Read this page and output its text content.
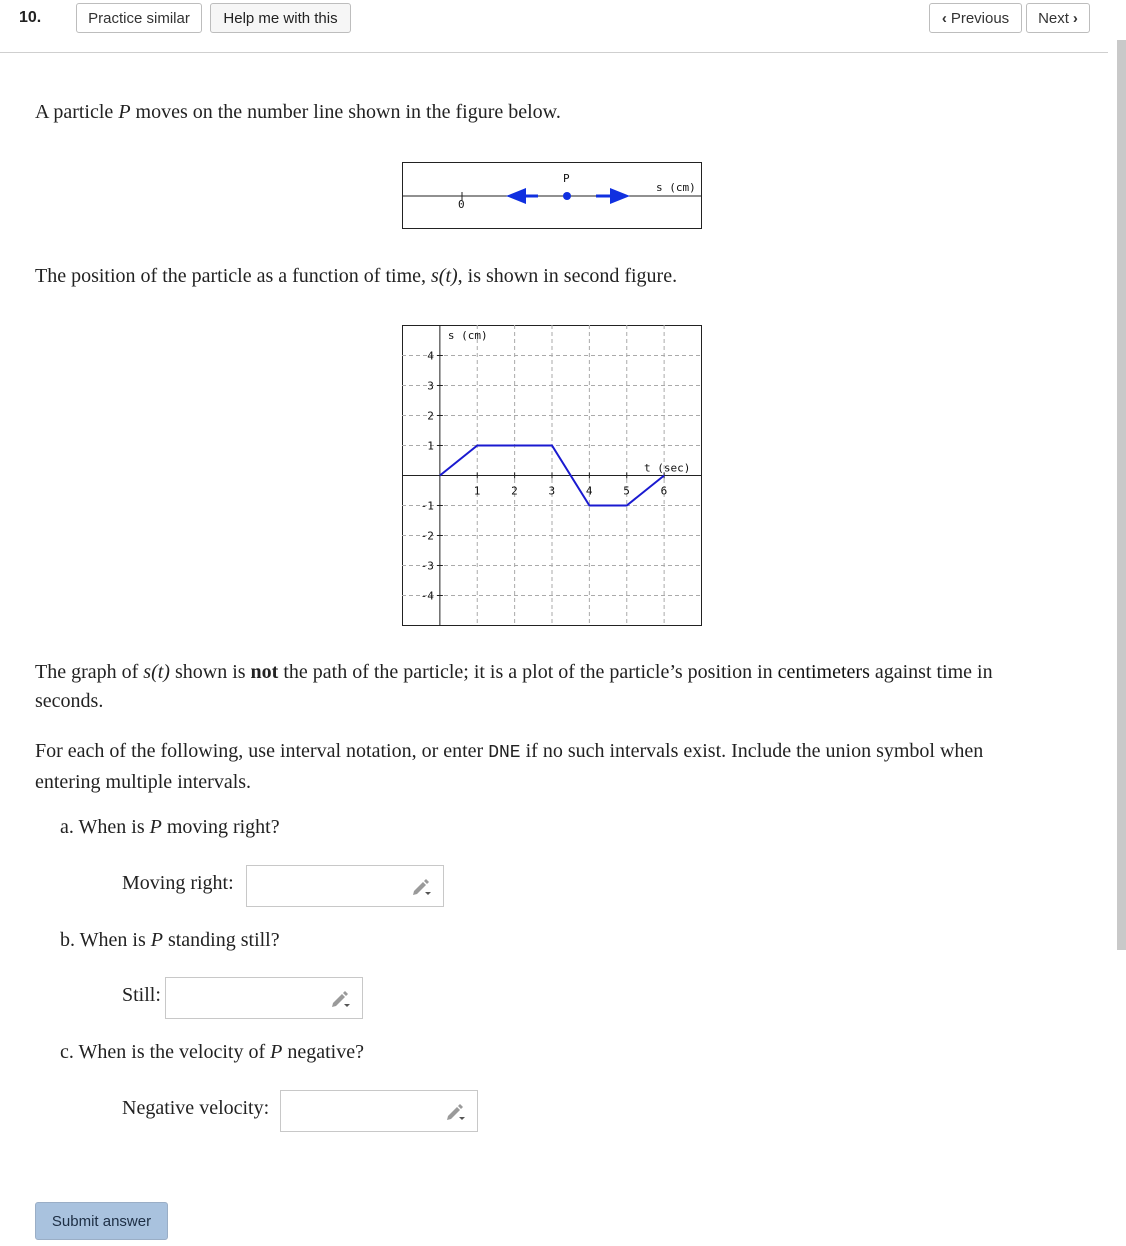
10.	Practice similar	Help me with this	‹ Previous Next ›

A particle P moves on the number line shown in the figure below.

0
P
s (cm)

The position of the particle as a function of time, s(t), is shown in second figure.

1	2	3	4	5	6
4
3
2
1
-1
-2
-3
-4
s (cm)
t (sec)

The graph of s(t) shown is not the path of the particle; it is a plot of the particle’s position in centimeters against time in
seconds.

For each of the following, use interval notation, or enter DNE if no such intervals exist. Include the union symbol when
entering multiple intervals.

a. When is P moving right?
Moving right:
b. When is P standing still?
Still:
c. When is the velocity of P negative?
Negative velocity:
Submit answer
